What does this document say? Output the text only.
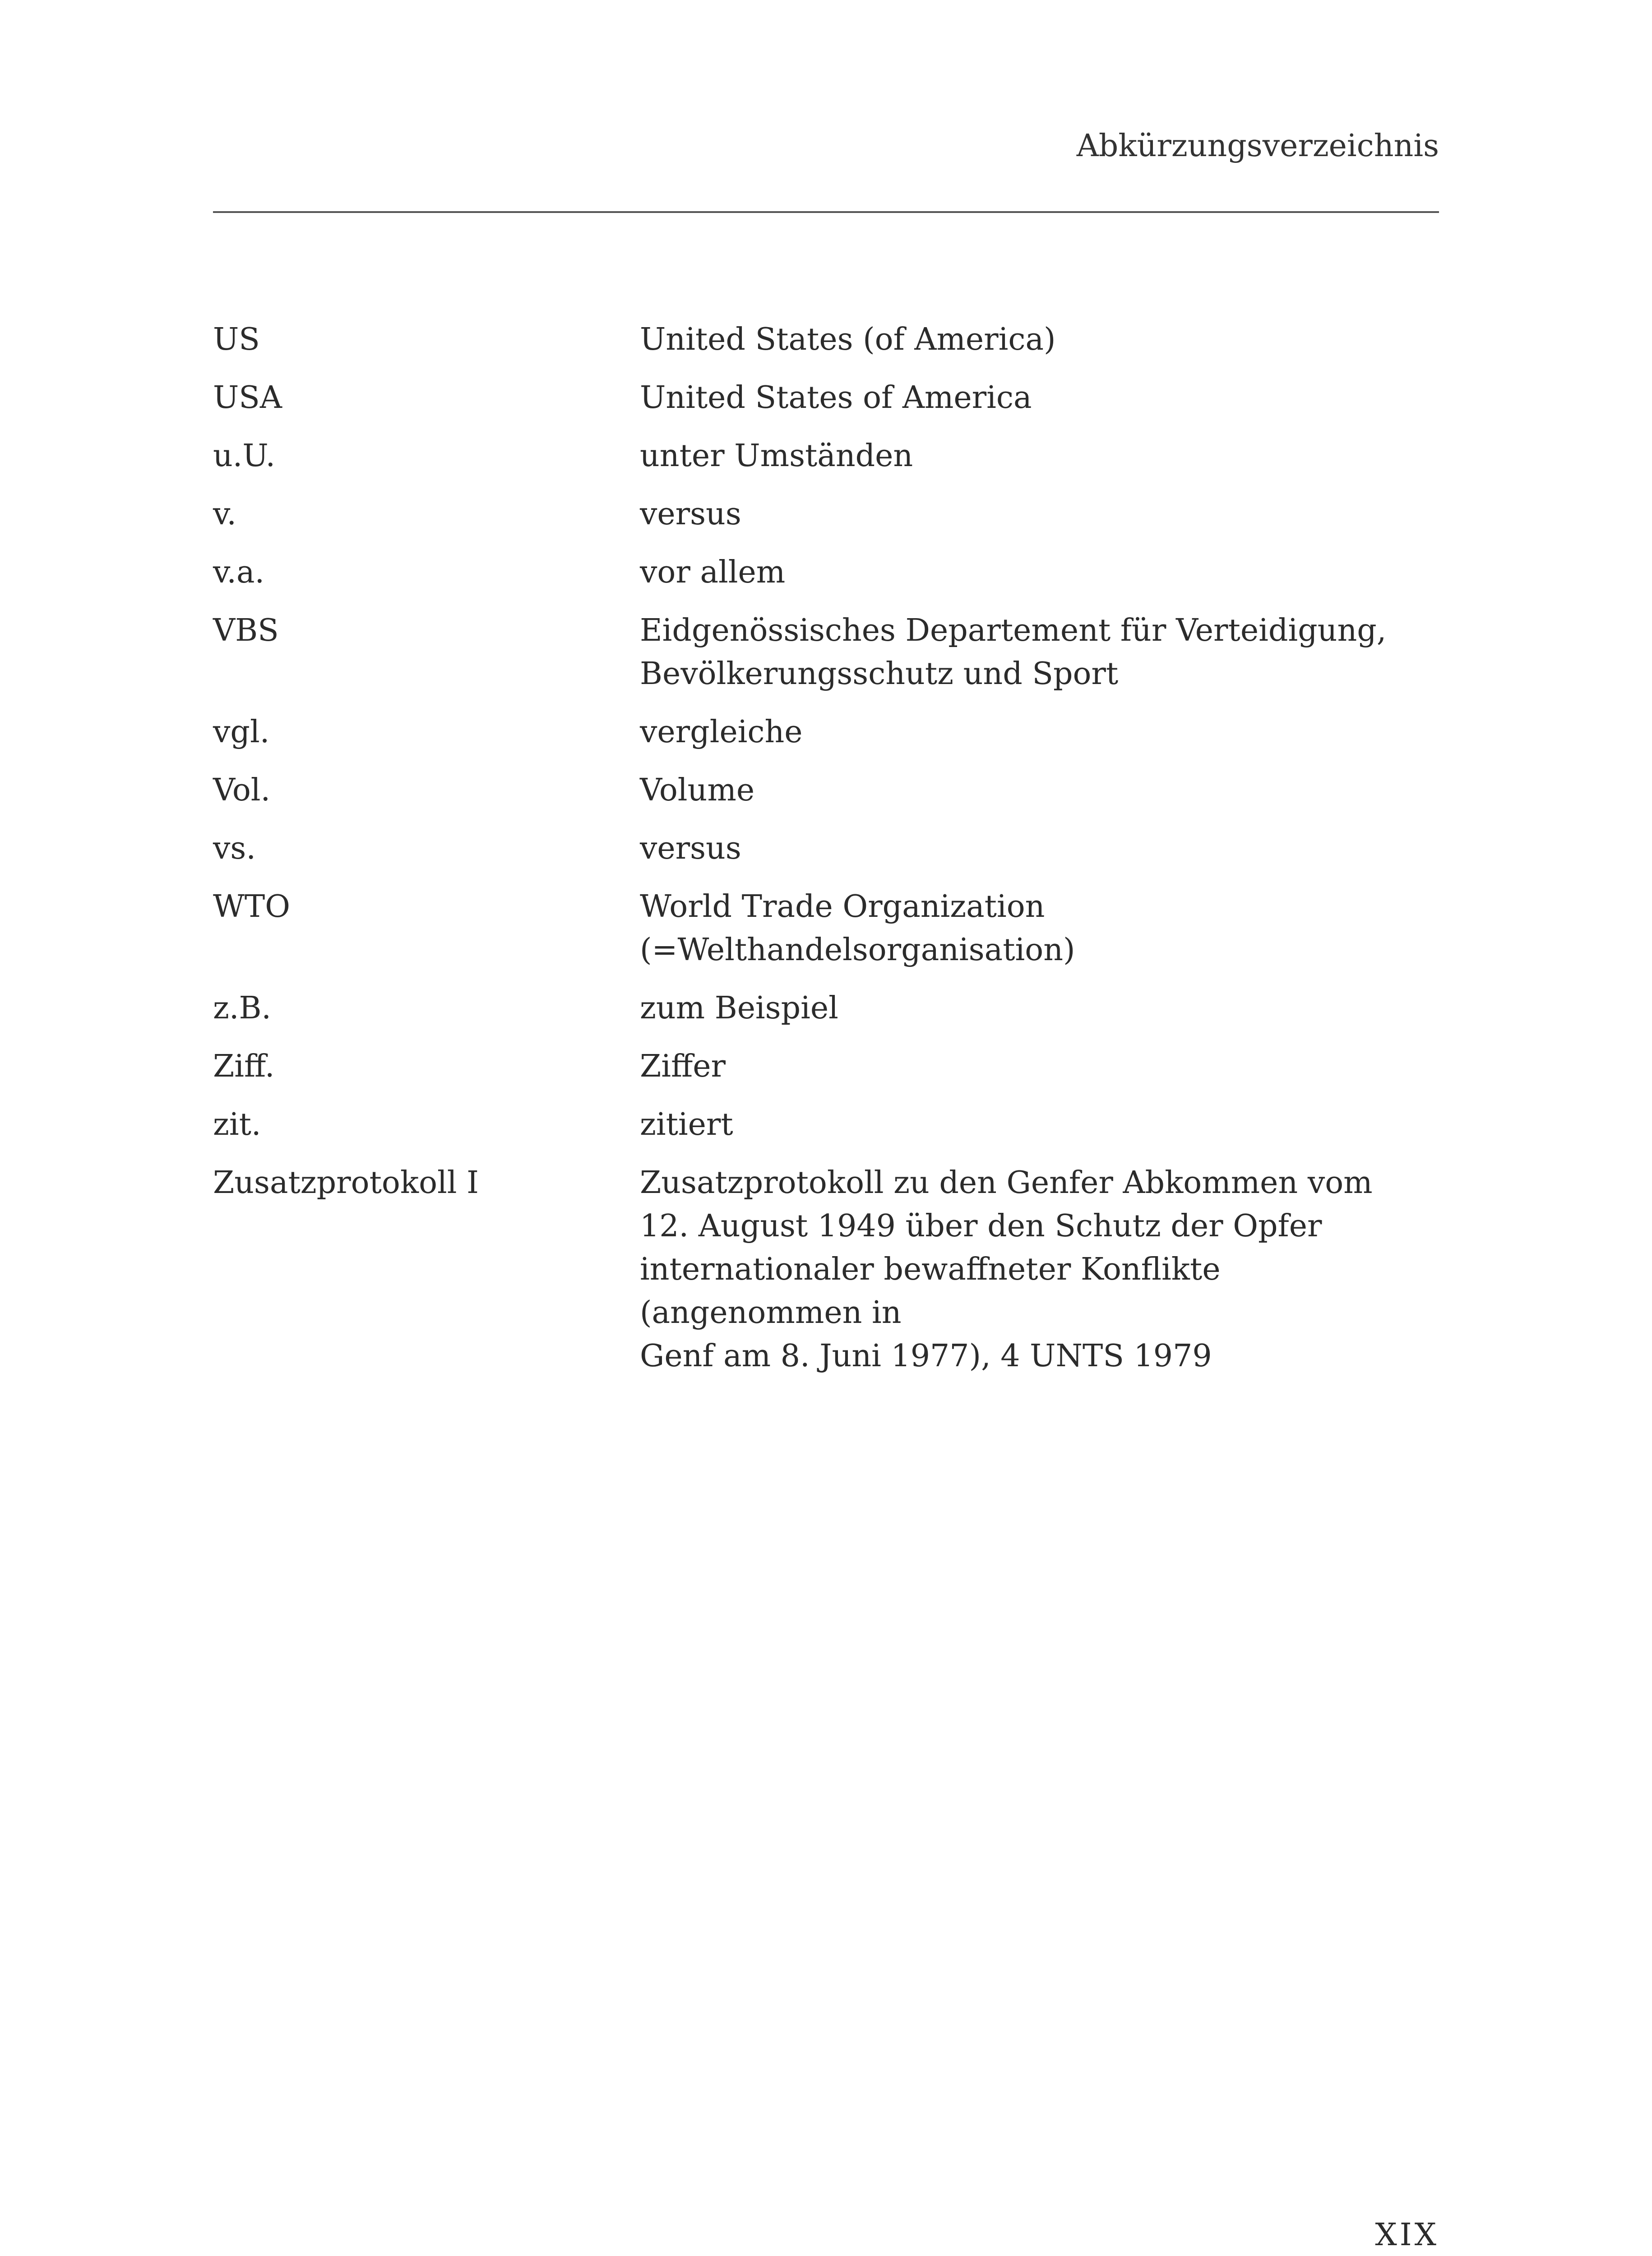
Abkürzungsverzeichnis
US	United States (of America)
USA	United States of America
u.U.	unter Umständen
v.	versus
v.a.	vor allem
VBS	Eidgenössisches Departement für Verteidigung,
Bevölkerungsschutz und Sport
vgl.	vergleiche
Vol.	Volume
vs.	versus
WTO	World Trade Organization (=Welthandelsorganisation)
z.B.	zum Beispiel
Ziff.	Ziffer
zit.	zitiert
Zusatzprotokoll I	Zusatzprotokoll zu den Genfer Abkommen vom
12. August 1949 über den Schutz der Opfer
internationaler bewaffneter Konflikte (angenommen in
Genf am 8. Juni 1977), 4 UNTS 1979
XIX
